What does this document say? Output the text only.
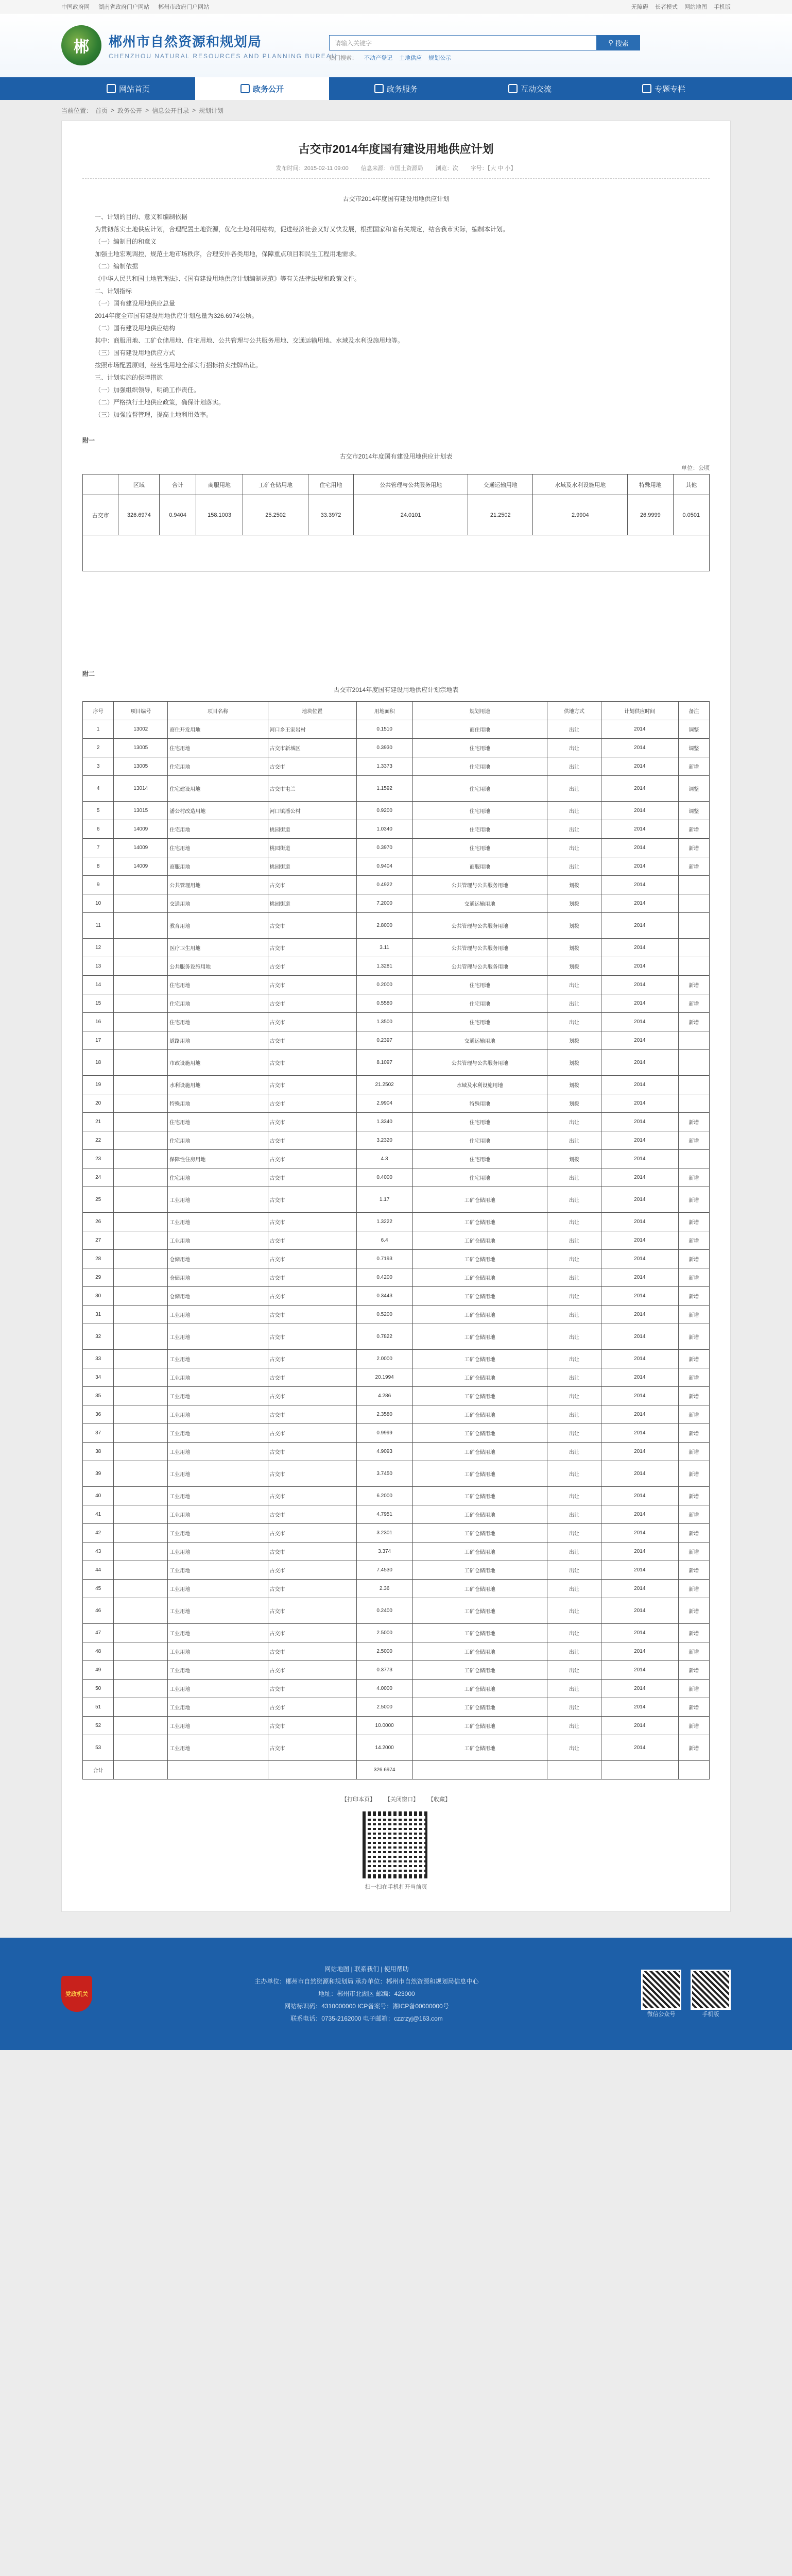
中国政府网 湖南省政府门户网站 郴州市政府门户网站	无障碍 长者模式 网站地图 手机版
郴	郴州市自然资源和规划局
CHENZHOU NATURAL RESOURCES AND PLANNING BUREAU
请输入关键字	⚲ 搜索
热门搜索： 不动产登记 土地供应 规划公示
网站首页	政务公开	政务服务	互动交流	专题专栏
当前位置： 首页 > 政务公开 > 信息公开目录 > 规划计划
古交市2014年度国有建设用地供应计划
发布时间：2015-02-11 09:00 信息来源：市国土资源局 浏览：次 字号：【大 中 小】
古交市2014年度国有建设用地供应计划
一、计划的目的、意义和编制依据
为贯彻落实土地供应计划，合理配置土地资源，优化土地利用结构，促进经济社会又好又快发展，根据国家和省有关规定，结合我市实际，编制本计划。
（一）编制目的和意义
加强土地宏观调控，规范土地市场秩序，合理安排各类用地，保障重点项目和民生工程用地需求。
（二）编制依据
《中华人民共和国土地管理法》、《国有建设用地供应计划编制规范》等有关法律法规和政策文件。
二、计划指标
（一）国有建设用地供应总量
2014年度全市国有建设用地供应计划总量为326.6974公顷。
（二）国有建设用地供应结构
其中：商服用地、工矿仓储用地、住宅用地、公共管理与公共服务用地、交通运输用地、水域及水利设施用地等。
（三）国有建设用地供应方式
按照市场配置原则，经营性用地全部实行招标拍卖挂牌出让。
三、计划实施的保障措施
（一）加强组织领导，明确工作责任。
（二）严格执行土地供应政策，确保计划落实。
（三）加强监督管理，提高土地利用效率。
附一
古交市2014年度国有建设用地供应计划表
单位：公顷
	区域	合计	商服用地	工矿仓储用地	住宅用地	公共管理与公共服务用地	交通运输用地	水域及水利设施用地	特殊用地	其他
古交市	326.6974	0.9404	158.1003	25.2502	33.3972	24.0101	21.2502	2.9904	26.9999	0.0501

附二
古交市2014年度国有建设用地供应计划宗地表
序号	项目编号	项目名称	地块位置	用地面积	规划用途	供地方式	计划供应时间	备注
1	13002	商住开发用地	河口乡王家岩村	0.1510	商住用地	出让	2014	调整
2	13005	住宅用地	古交市新城区	0.3930	住宅用地	出让	2014	调整
3	13005	住宅用地	古交市	1.3373	住宅用地	出让	2014	新增
4	13014	住宅建设用地	古交市屯兰	1.1592	住宅用地	出让	2014	调整
5	13015	潘公村改造用地	河口镇潘公村	0.9200	住宅用地	出让	2014	调整
6	14009	住宅用地	桃园街道	1.0340	住宅用地	出让	2014	新增
7	14009	住宅用地	桃园街道	0.3970	住宅用地	出让	2014	新增
8	14009	商服用地	桃园街道	0.9404	商服用地	出让	2014	新增
9		公共管理用地	古交市	0.4922	公共管理与公共服务用地	划拨	2014	
10		交通用地	桃园街道	7.2000	交通运输用地	划拨	2014	
11		教育用地	古交市	2.8000	公共管理与公共服务用地	划拨	2014	
12		医疗卫生用地	古交市	3.11	公共管理与公共服务用地	划拨	2014	
13		公共服务设施用地	古交市	1.3281	公共管理与公共服务用地	划拨	2014	
14		住宅用地	古交市	0.2000	住宅用地	出让	2014	新增
15		住宅用地	古交市	0.5580	住宅用地	出让	2014	新增
16		住宅用地	古交市	1.3500	住宅用地	出让	2014	新增
17		道路用地	古交市	0.2397	交通运输用地	划拨	2014	
18		市政设施用地	古交市	8.1097	公共管理与公共服务用地	划拨	2014	
19		水利设施用地	古交市	21.2502	水域及水利设施用地	划拨	2014	
20		特殊用地	古交市	2.9904	特殊用地	划拨	2014	
21		住宅用地	古交市	1.3340	住宅用地	出让	2014	新增
22		住宅用地	古交市	3.2320	住宅用地	出让	2014	新增
23		保障性住房用地	古交市	4.3	住宅用地	划拨	2014	
24		住宅用地	古交市	0.4000	住宅用地	出让	2014	新增
25		工业用地	古交市	1.17	工矿仓储用地	出让	2014	新增
26		工业用地	古交市	1.3222	工矿仓储用地	出让	2014	新增
27		工业用地	古交市	6.4	工矿仓储用地	出让	2014	新增
28		仓储用地	古交市	0.7193	工矿仓储用地	出让	2014	新增
29		仓储用地	古交市	0.4200	工矿仓储用地	出让	2014	新增
30		仓储用地	古交市	0.3443	工矿仓储用地	出让	2014	新增
31		工业用地	古交市	0.5200	工矿仓储用地	出让	2014	新增
32		工业用地	古交市	0.7822	工矿仓储用地	出让	2014	新增
33		工业用地	古交市	2.0000	工矿仓储用地	出让	2014	新增
34		工业用地	古交市	20.1994	工矿仓储用地	出让	2014	新增
35		工业用地	古交市	4.286	工矿仓储用地	出让	2014	新增
36		工业用地	古交市	2.3580	工矿仓储用地	出让	2014	新增
37		工业用地	古交市	0.9999	工矿仓储用地	出让	2014	新增
38		工业用地	古交市	4.9093	工矿仓储用地	出让	2014	新增
39		工业用地	古交市	3.7450	工矿仓储用地	出让	2014	新增
40		工业用地	古交市	6.2000	工矿仓储用地	出让	2014	新增
41		工业用地	古交市	4.7951	工矿仓储用地	出让	2014	新增
42		工业用地	古交市	3.2301	工矿仓储用地	出让	2014	新增
43		工业用地	古交市	3.374	工矿仓储用地	出让	2014	新增
44		工业用地	古交市	7.4530	工矿仓储用地	出让	2014	新增
45		工业用地	古交市	2.36	工矿仓储用地	出让	2014	新增
46		工业用地	古交市	0.2400	工矿仓储用地	出让	2014	新增
47		工业用地	古交市	2.5000	工矿仓储用地	出让	2014	新增
48		工业用地	古交市	2.5000	工矿仓储用地	出让	2014	新增
49		工业用地	古交市	0.3773	工矿仓储用地	出让	2014	新增
50		工业用地	古交市	4.0000	工矿仓储用地	出让	2014	新增
51		工业用地	古交市	2.5000	工矿仓储用地	出让	2014	新增
52		工业用地	古交市	10.0000	工矿仓储用地	出让	2014	新增
53		工业用地	古交市	14.2000	工矿仓储用地	出让	2014	新增
合计				326.6974				
【打印本页】 【关闭窗口】 【收藏】
扫一扫在手机打开当前页
党政机关
网站地图 | 联系我们 | 使用帮助
主办单位：郴州市自然资源和规划局 承办单位：郴州市自然资源和规划局信息中心
地址：郴州市北湖区 邮编：423000
网站标识码：4310000000 ICP备案号：湘ICP备00000000号
联系电话：0735-2162000 电子邮箱：czzrzyj@163.com
微信公众号	手机版
